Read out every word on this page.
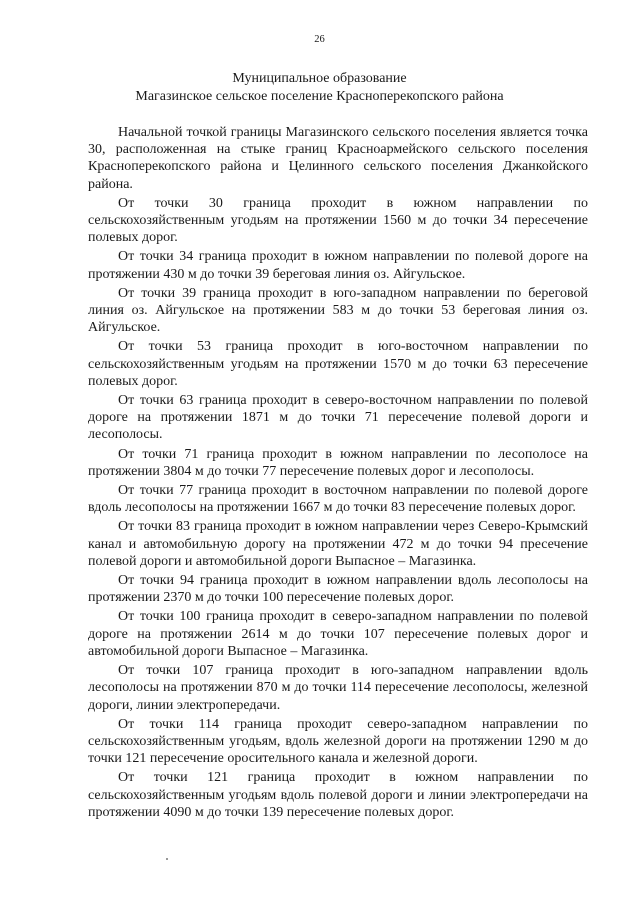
26
Муниципальное образование
Магазинское сельское поселение Красноперекопского района

Начальной точкой границы Магазинского сельского поселения является точка 30, расположенная на стыке границ Красноармейского сельского поселения Красноперекопского района и Целинного сельского поселения Джанкойского района.

От точки 30 граница проходит в южном направлении по сельскохозяйственным угодьям на протяжении 1560 м до точки 34 пересечение полевых дорог.

От точки 34 граница проходит в южном направлении по полевой дороге на протяжении 430 м до точки 39 береговая линия оз. Айгульское.

От точки 39 граница проходит в юго-западном направлении по береговой линия оз. Айгульское на протяжении 583 м до точки 53 береговая линия оз. Айгульское.

От точки 53 граница проходит в юго-восточном направлении по сельскохозяйственным угодьям на протяжении 1570 м до точки 63 пересечение полевых дорог.

От точки 63 граница проходит в северо-восточном направлении по полевой дороге на протяжении 1871 м до точки 71 пересечение полевой дороги и лесополосы.

От точки 71 граница проходит в южном направлении по лесополосе на протяжении 3804 м до точки 77 пересечение полевых дорог и лесополосы.

От точки 77 граница проходит в восточном направлении по полевой дороге вдоль лесополосы на протяжении 1667 м до точки 83 пересечение полевых дорог.

От точки 83 граница проходит в южном направлении через Северо-Крымский канал и автомобильную дорогу на протяжении 472 м до точки 94 пресечение полевой дороги и автомобильной дороги Выпасное – Магазинка.

От точки 94 граница проходит в южном направлении вдоль лесополосы на протяжении 2370 м до точки 100 пересечение полевых дорог.

От точки 100 граница проходит в северо-западном направлении по полевой дороге на протяжении 2614 м до точки 107 пересечение полевых дорог и автомобильной дороги Выпасное – Магазинка.

От точки 107 граница проходит в юго-западном направлении вдоль лесополосы на протяжении 870 м до точки 114 пересечение лесополосы, железной дороги, линии электропередачи.

От точки 114 граница проходит северо-западном направлении по сельскохозяйственным угодьям, вдоль железной дороги на протяжении 1290 м до точки 121 пересечение оросительного канала и железной дороги.

От точки 121 граница проходит в южном направлении по сельскохозяйственным угодьям вдоль полевой дороги и линии электропередачи на протяжении 4090 м до точки 139 пересечение полевых дорог.
